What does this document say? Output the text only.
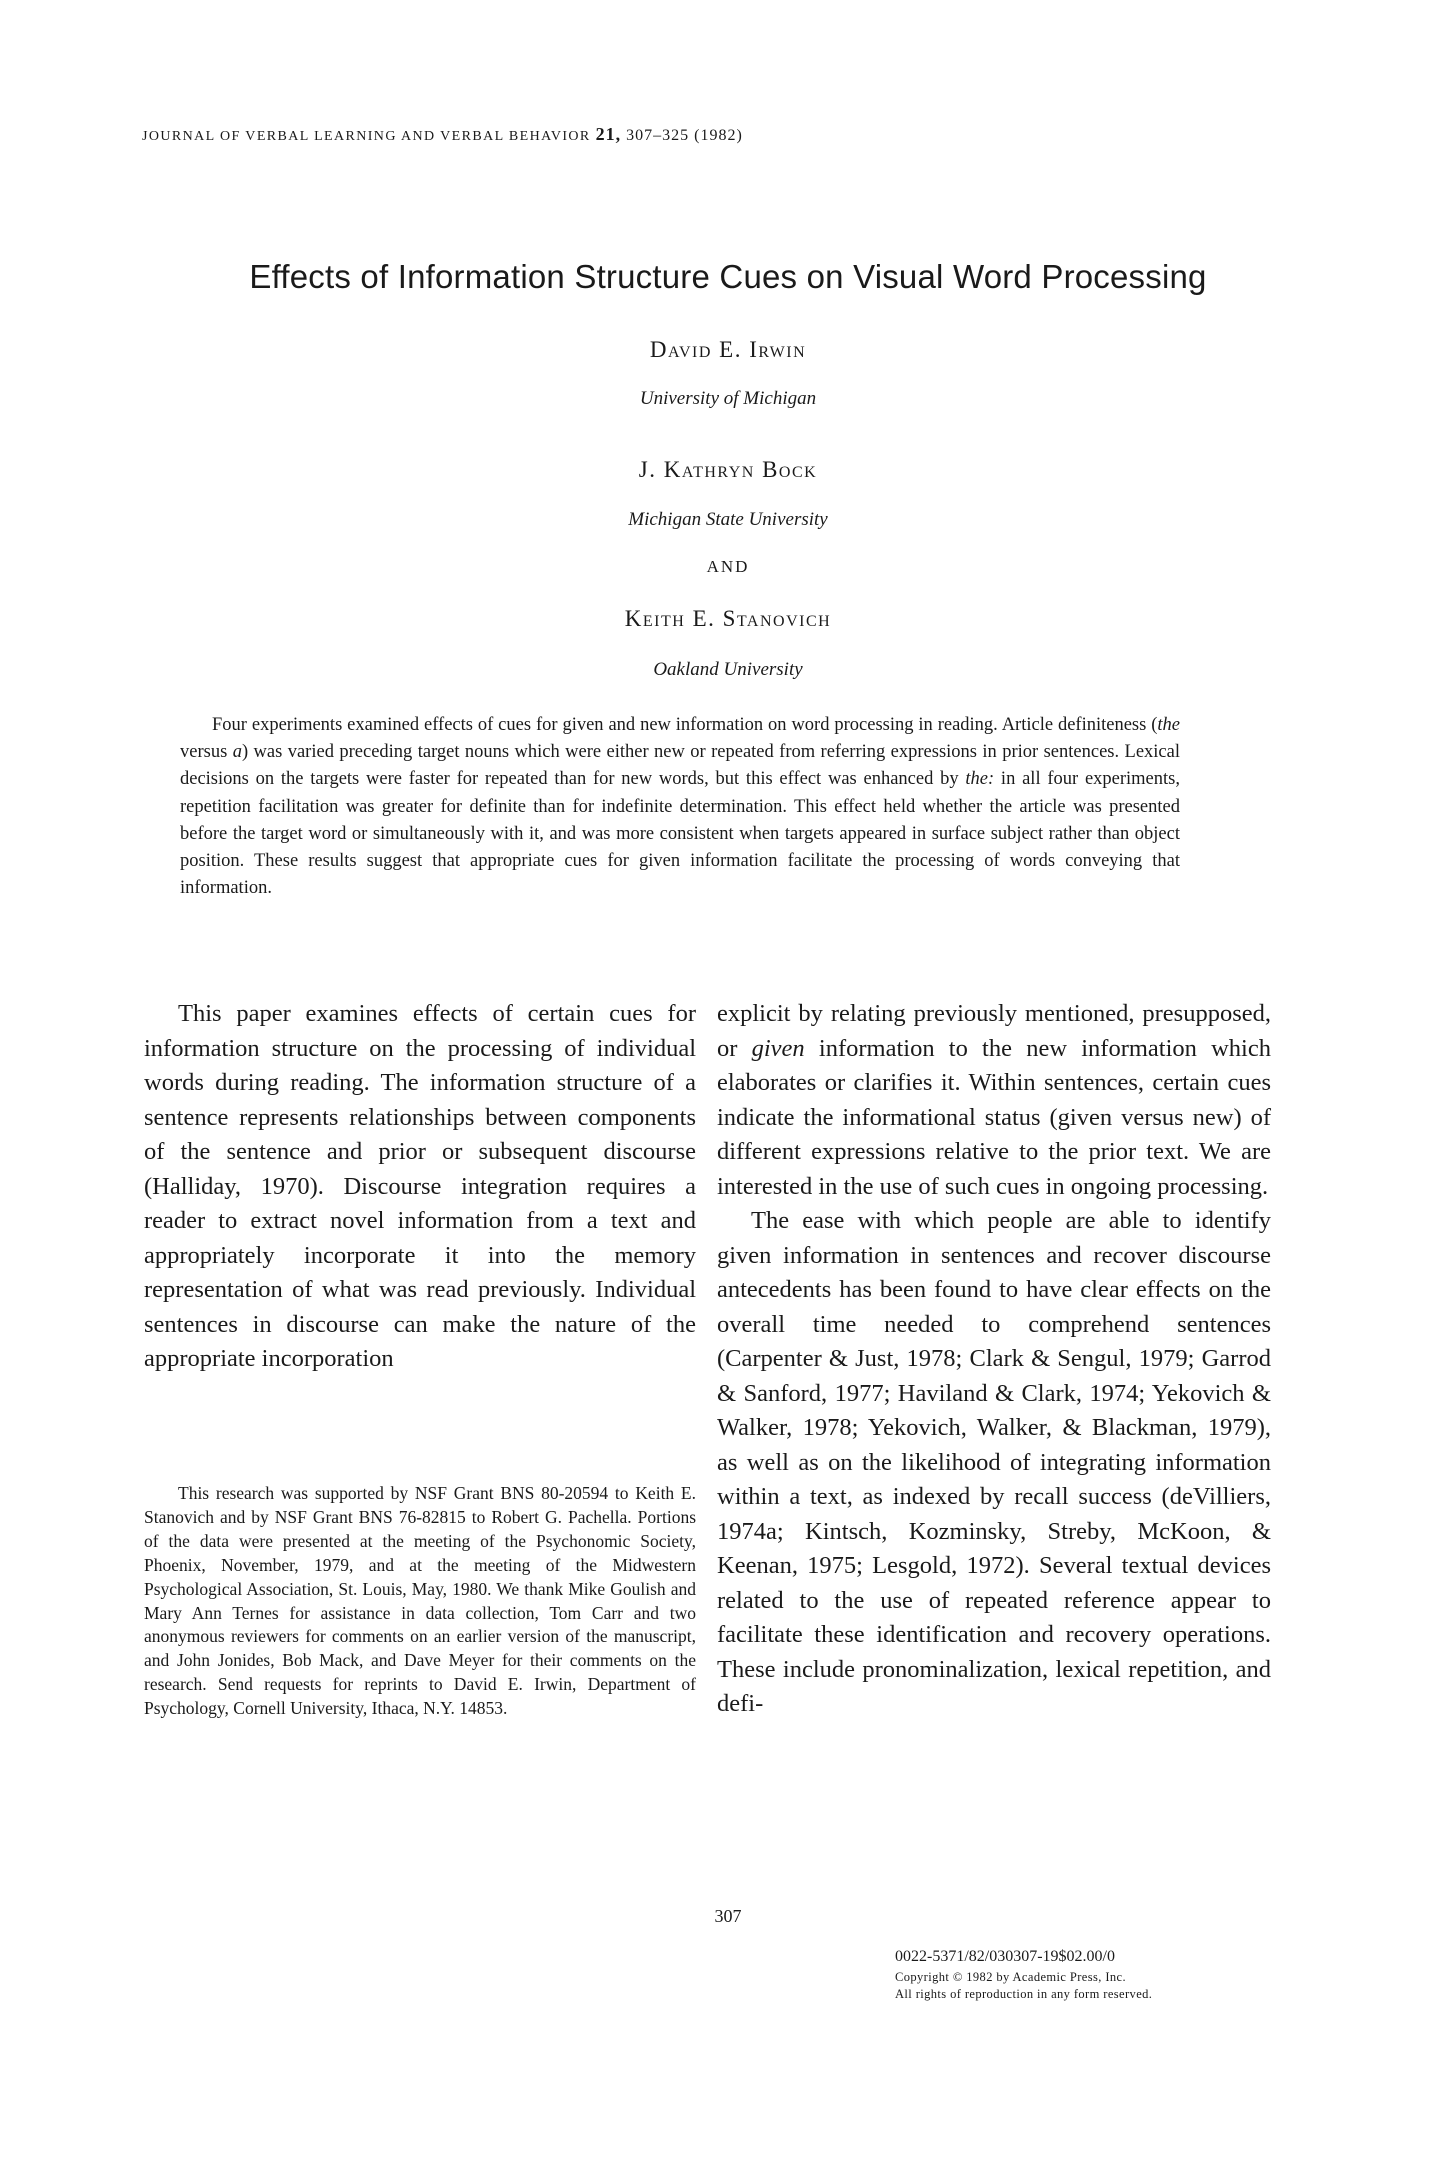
JOURNAL OF VERBAL LEARNING AND VERBAL BEHAVIOR 21, 307–325 (1982)
Effects of Information Structure Cues on Visual Word Processing
David E. Irwin
University of Michigan
J. Kathryn Bock
Michigan State University
AND
Keith E. Stanovich
Oakland University
Four experiments examined effects of cues for given and new information on word processing in reading. Article definiteness (the versus a) was varied preceding target nouns which were either new or repeated from referring expressions in prior sentences. Lexical decisions on the targets were faster for repeated than for new words, but this effect was enhanced by the: in all four experiments, repetition facilitation was greater for definite than for indefinite determination. This effect held whether the article was presented before the target word or simultaneously with it, and was more consistent when targets appeared in surface subject rather than object position. These results suggest that appropriate cues for given information facilitate the processing of words conveying that information.

This paper examines effects of certain cues for information structure on the processing of individual words during reading. The information structure of a sentence represents relationships between components of the sentence and prior or subsequent discourse (Halliday, 1970). Discourse integration requires a reader to extract novel information from a text and appropriately incorporate it into the memory representation of what was read previously. Individual sentences in discourse can make the nature of the appropriate incorporation

This research was supported by NSF Grant BNS 80-20594 to Keith E. Stanovich and by NSF Grant BNS 76-82815 to Robert G. Pachella. Portions of the data were presented at the meeting of the Psychonomic Society, Phoenix, November, 1979, and at the meeting of the Midwestern Psychological Association, St. Louis, May, 1980. We thank Mike Goulish and Mary Ann Ternes for assistance in data collection, Tom Carr and two anonymous reviewers for comments on an earlier version of the manuscript, and John Jonides, Bob Mack, and Dave Meyer for their comments on the research. Send requests for reprints to David E. Irwin, Department of Psychology, Cornell University, Ithaca, N.Y. 14853.

explicit by relating previously mentioned, presupposed, or given information to the new information which elaborates or clarifies it. Within sentences, certain cues indicate the informational status (given versus new) of different expressions relative to the prior text. We are interested in the use of such cues in ongoing processing.

The ease with which people are able to identify given information in sentences and recover discourse antecedents has been found to have clear effects on the overall time needed to comprehend sentences (Carpenter & Just, 1978; Clark & Sengul, 1979; Garrod & Sanford, 1977; Haviland & Clark, 1974; Yekovich & Walker, 1978; Yekovich, Walker, & Blackman, 1979), as well as on the likelihood of integrating information within a text, as indexed by recall success (deVilliers, 1974a; Kintsch, Kozminsky, Streby, McKoon, & Keenan, 1975; Lesgold, 1972). Several textual devices related to the use of repeated reference appear to facilitate these identification and recovery operations. These include pronominalization, lexical repetition, and defi-

307
0022-5371/82/030307-19$02.00/0
Copyright © 1982 by Academic Press, Inc.
All rights of reproduction in any form reserved.
